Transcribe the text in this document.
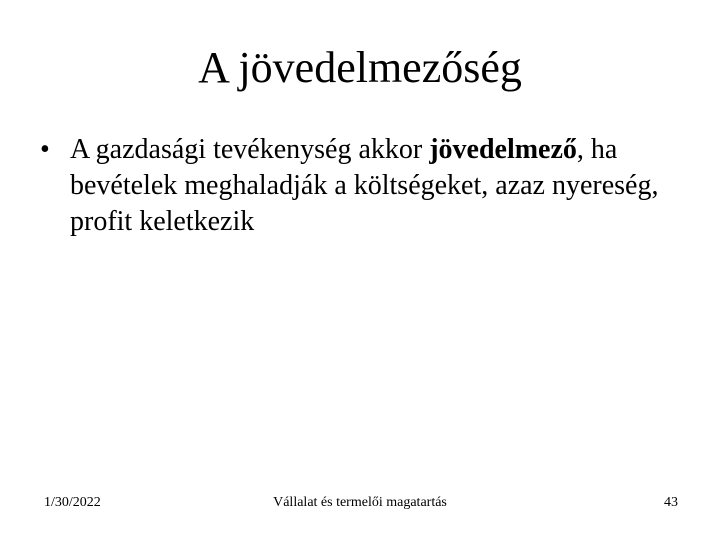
A jövedelmezőség
• A gazdasági tevékenység akkor jövedelmező, ha bevételek meghaladják a költségeket, azaz nyereség, profit keletkezik
1/30/2022	Vállalat és termelői magatartás	43
